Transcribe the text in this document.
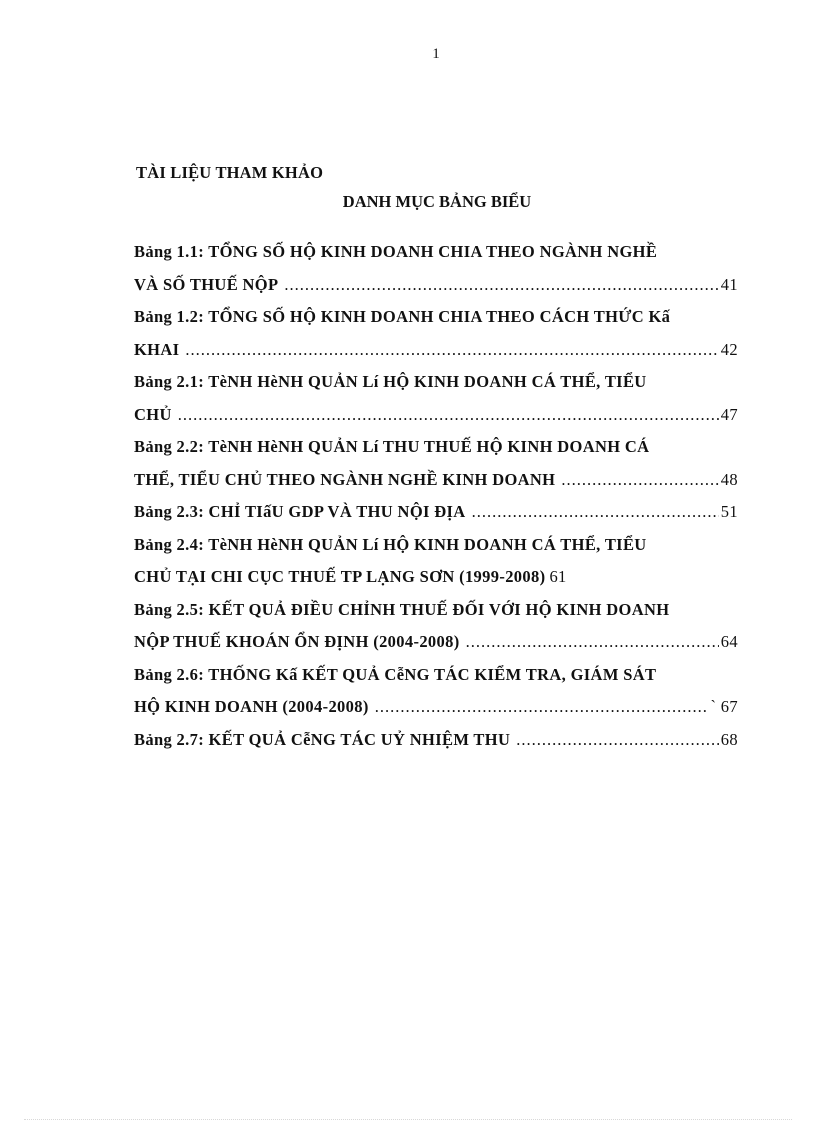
1
TÀI LIỆU THAM KHẢO
DANH MỤC BẢNG BIỂU
Bảng 1.1: TỔNG SỐ HỘ KINH DOANH CHIA THEO NGÀNH NGHỀ
VÀ SỐ THUẾ NỘP .....	41
Bảng 1.2: TỔNG SỐ HỘ KINH DOANH CHIA THEO CÁCH THỨC Kấ
KHAI .....	42
Bảng 2.1: TèNH HèNH QUẢN Lí HỘ KINH DOANH CÁ THỂ, TIỂU
CHỦ .....	47
Bảng 2.2: TèNH HèNH QUẢN Lí THU THUẾ HỘ KINH DOANH CÁ
THỂ, TIỂU CHỦ THEO NGÀNH NGHỀ KINH DOANH .....	48
Bảng 2.3: CHỈ TIấU GDP VÀ THU NỘI ĐỊA .....	51
Bảng 2.4: TèNH HèNH QUẢN Lí HỘ KINH DOANH CÁ THỂ, TIỂU
CHỦ TẠI CHI CỤC THUẾ TP LẠNG SƠN (1999-2008) 61
Bảng 2.5: KẾT QUẢ ĐIỀU CHỈNH THUẾ ĐỐI VỚI HỘ KINH DOANH
NỘP THUẾ KHOÁN ỔN ĐỊNH (2004-2008) .....	64
Bảng 2.6: THỐNG Kấ KẾT QUẢ CễNG TÁC KIỂM TRA, GIÁM SÁT
HỘ KINH DOANH (2004-2008) .....	` 67
Bảng 2.7: KẾT QUẢ CễNG TÁC UỶ NHIỆM THU .....	68
